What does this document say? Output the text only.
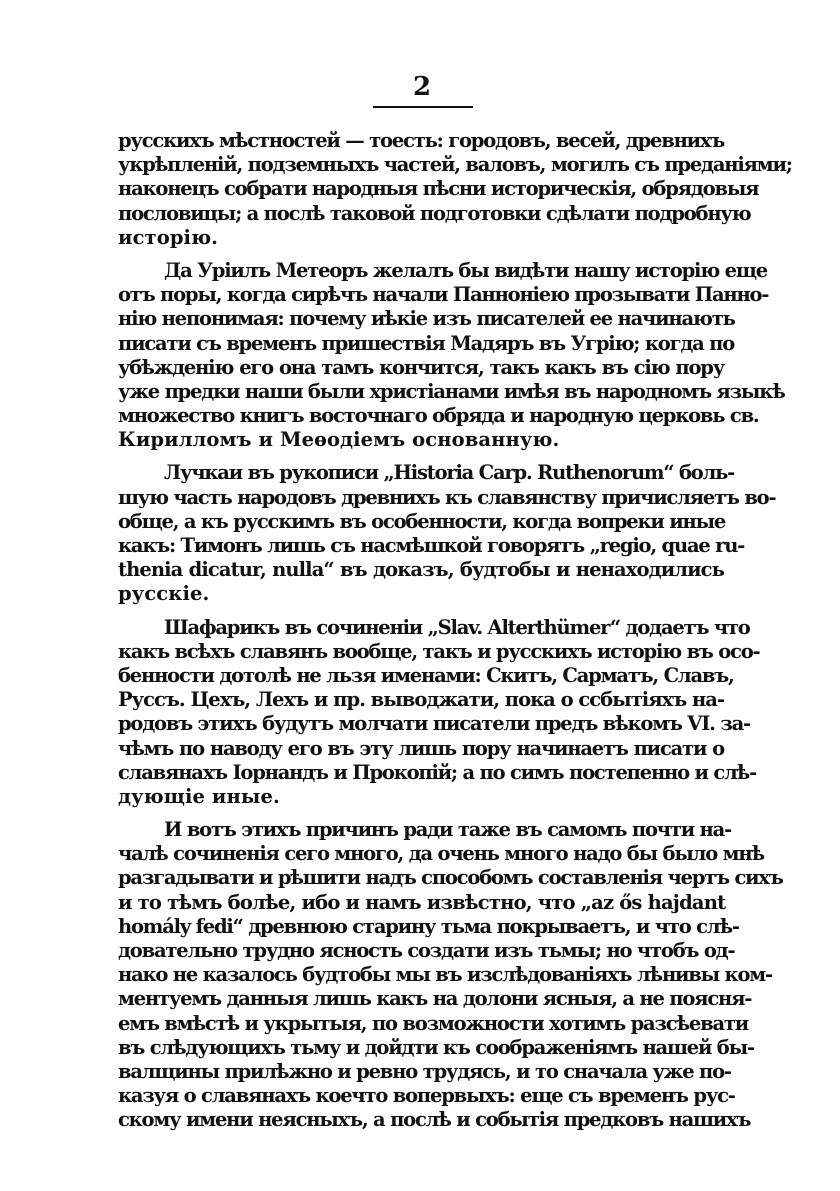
2
русскихъ мѣстностей — тоесть: городовъ, весей, древнихъ
укрѣпленій, подземныхъ частей, валовъ, могилъ съ преданіями;
наконецъ собрати народныя пѣсни историческія, обрядовыя
пословицы; а послѣ таковой подготовки сдѣлати подробную
исторію.
Да Уріилъ Метеоръ желалъ бы видѣти нашу исторію еще
отъ поры, когда сирѣчъ начали Панноніею прозывати Панно-
нію непонимая: почему иѣкіе изъ писателей ее начинають
писати съ временъ пришествія Мадяръ въ Угрію; когда по
убѣжденію его она тамъ кончится, такъ какъ въ сію пору
уже предки наши были христіанами имѣя въ народномъ языкѣ
множество книгъ восточнаго обряда и народную церковь св.
Кирилломъ и Меѳодіемъ основанную.
Лучкаи въ рукописи „Historia Carp. Ruthenorum“ боль-
шую часть народовъ древнихъ къ славянству причисляетъ во-
обще, а къ русскимъ въ особенности, когда вопреки иные
какъ: Тимонъ лишь съ насмѣшкой говорятъ „regio, quae ru-
thenia dicatur, nulla“ въ доказъ, будтобы и ненаходились
русскіе.
Шафарикъ въ сочиненіи „Slav. Alterthümer“ додаетъ что
какъ всѣхъ славянъ вообще, такъ и русскихъ исторію въ осо-
бенности дотолѣ не льзя именами: Скитъ, Сарматъ, Славъ,
Руссъ. Цехъ, Лехъ и пр. выводжати, пока о ссбытіяхъ на-
родовъ этихъ будутъ молчати писатели предъ вѣкомъ VI. за-
чѣмъ по наводу его въ эту лишь пору начинаетъ писати о
славянахъ Іорнандъ и Прокопій; а по симъ постепенно и слѣ-
дующіе иные.
И вотъ этихъ причинъ ради таже въ самомъ почти на-
чалѣ сочиненія сего много, да очень много надо бы было мнѣ
разгадывати и рѣшити надъ способомъ составленія чертъ сихъ
и то тѣмъ болѣе, ибо и намъ извѣстно, что „az ős hajdant
homály fedi“ древнюю старину тьма покрываетъ, и что слѣ-
довательно трудно ясность создати изъ тьмы; но чтобъ од-
нако не казалось будтобы мы въ изслѣдованіяхъ лѣнивы ком-
ментуемъ данныя лишь какъ на долони ясныя, а не поясня-
емъ вмѣстѣ и укрытыя, по возможности хотимъ разсѣевати
въ слѣдующихъ тьму и дойдти къ соображеніямъ нашей бы-
валщины прилѣжно и ревно трудясь, и то сначала уже по-
казуя о славянахъ коечто вопервыхъ: еще съ временъ рус-
скому имени неясныхъ, а послѣ и событія предковъ нашихъ
